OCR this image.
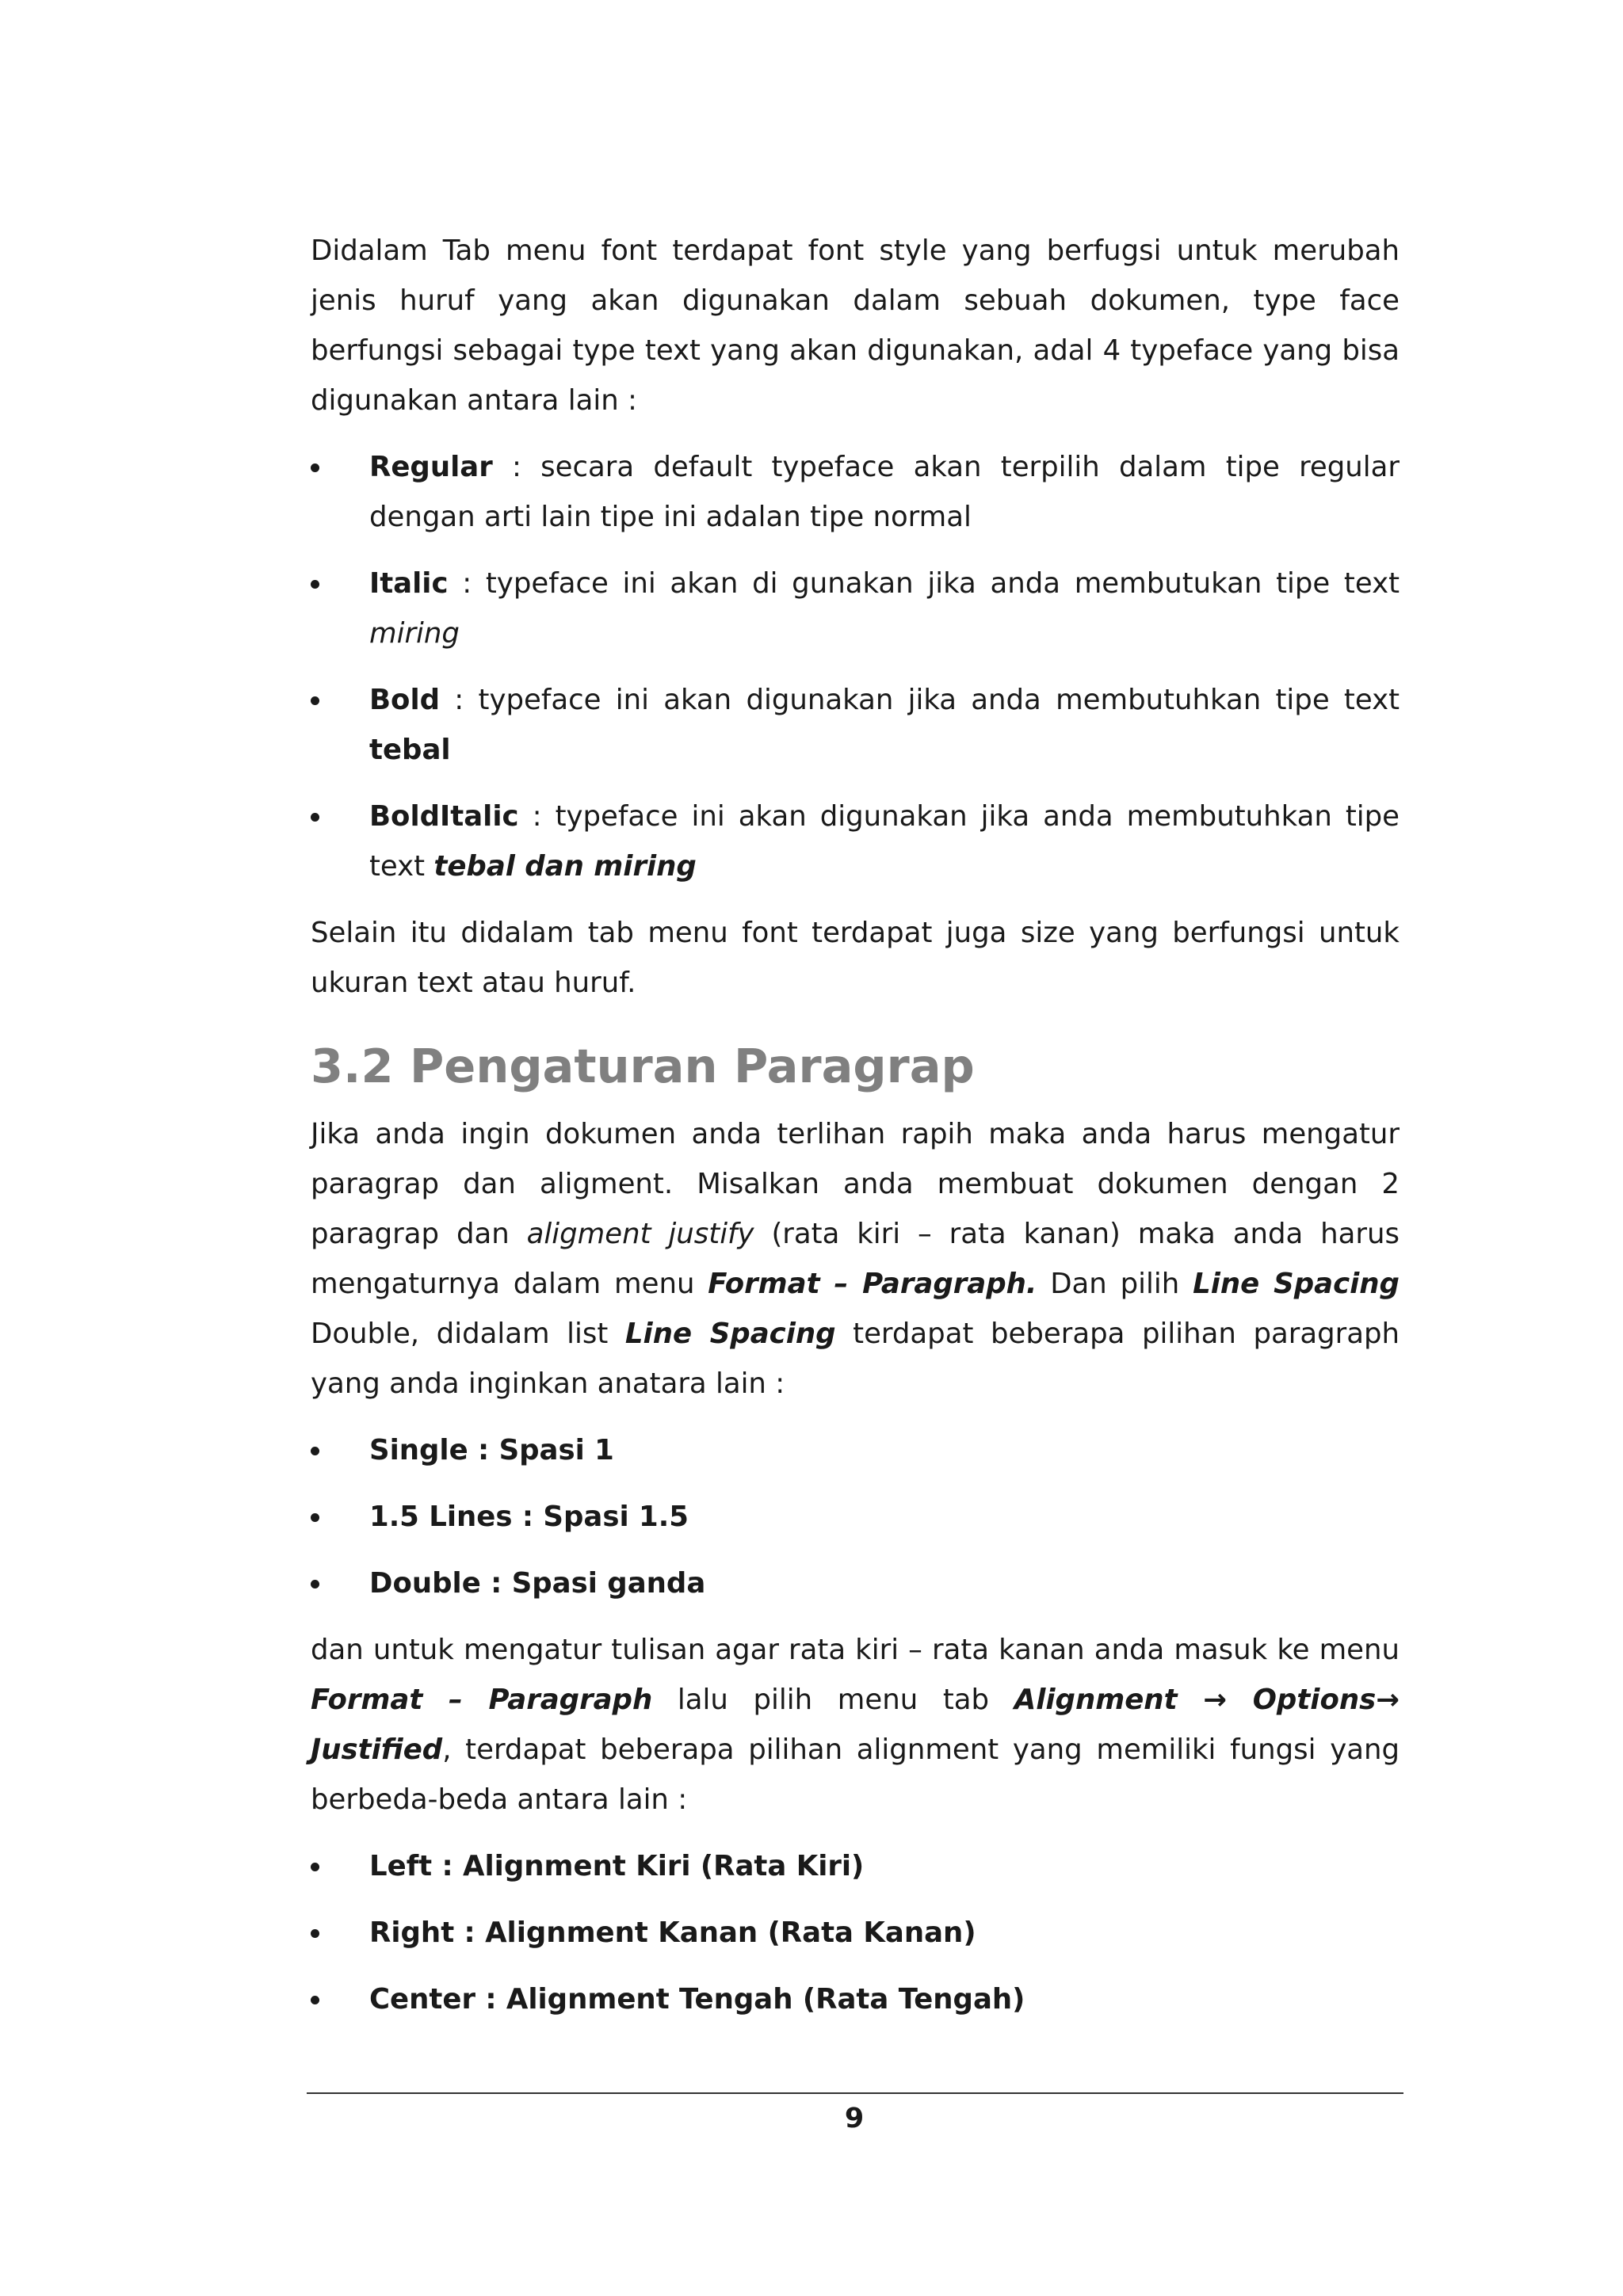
Didalam Tab menu font terdapat font style yang berfugsi untuk merubah jenis huruf yang akan digunakan dalam sebuah dokumen, type face berfungsi sebagai type text yang akan digunakan, adal 4 typeface yang bisa digunakan antara lain :

Regular : secara default typeface akan terpilih dalam tipe regular dengan arti lain tipe ini adalan tipe normal
Italic : typeface ini akan di gunakan jika anda membutukan tipe text miring
Bold : typeface ini akan digunakan jika anda membutuhkan tipe text tebal
BoldItalic : typeface ini akan digunakan jika anda membutuhkan tipe text tebal dan miring

Selain itu didalam tab menu font terdapat juga size yang berfungsi untuk ukuran text atau huruf.

3.2 Pengaturan Paragrap

Jika anda ingin dokumen anda terlihan rapih maka anda harus mengatur paragrap dan aligment. Misalkan anda membuat dokumen dengan 2 paragrap dan aligment justify (rata kiri – rata kanan) maka anda harus mengaturnya dalam menu Format – Paragraph. Dan pilih Line Spacing Double, didalam list Line Spacing terdapat beberapa pilihan paragraph yang anda inginkan anatara lain :

Single : Spasi 1
1.5 Lines : Spasi 1.5
Double : Spasi ganda

dan untuk mengatur tulisan agar rata kiri – rata kanan anda masuk ke menu Format – Paragraph lalu pilih menu tab Alignment → Options→ Justified, terdapat beberapa pilihan alignment yang memiliki fungsi yang berbeda-beda antara lain :

Left : Alignment Kiri (Rata Kiri)
Right : Alignment Kanan (Rata Kanan)
Center : Alignment Tengah (Rata Tengah)
9
